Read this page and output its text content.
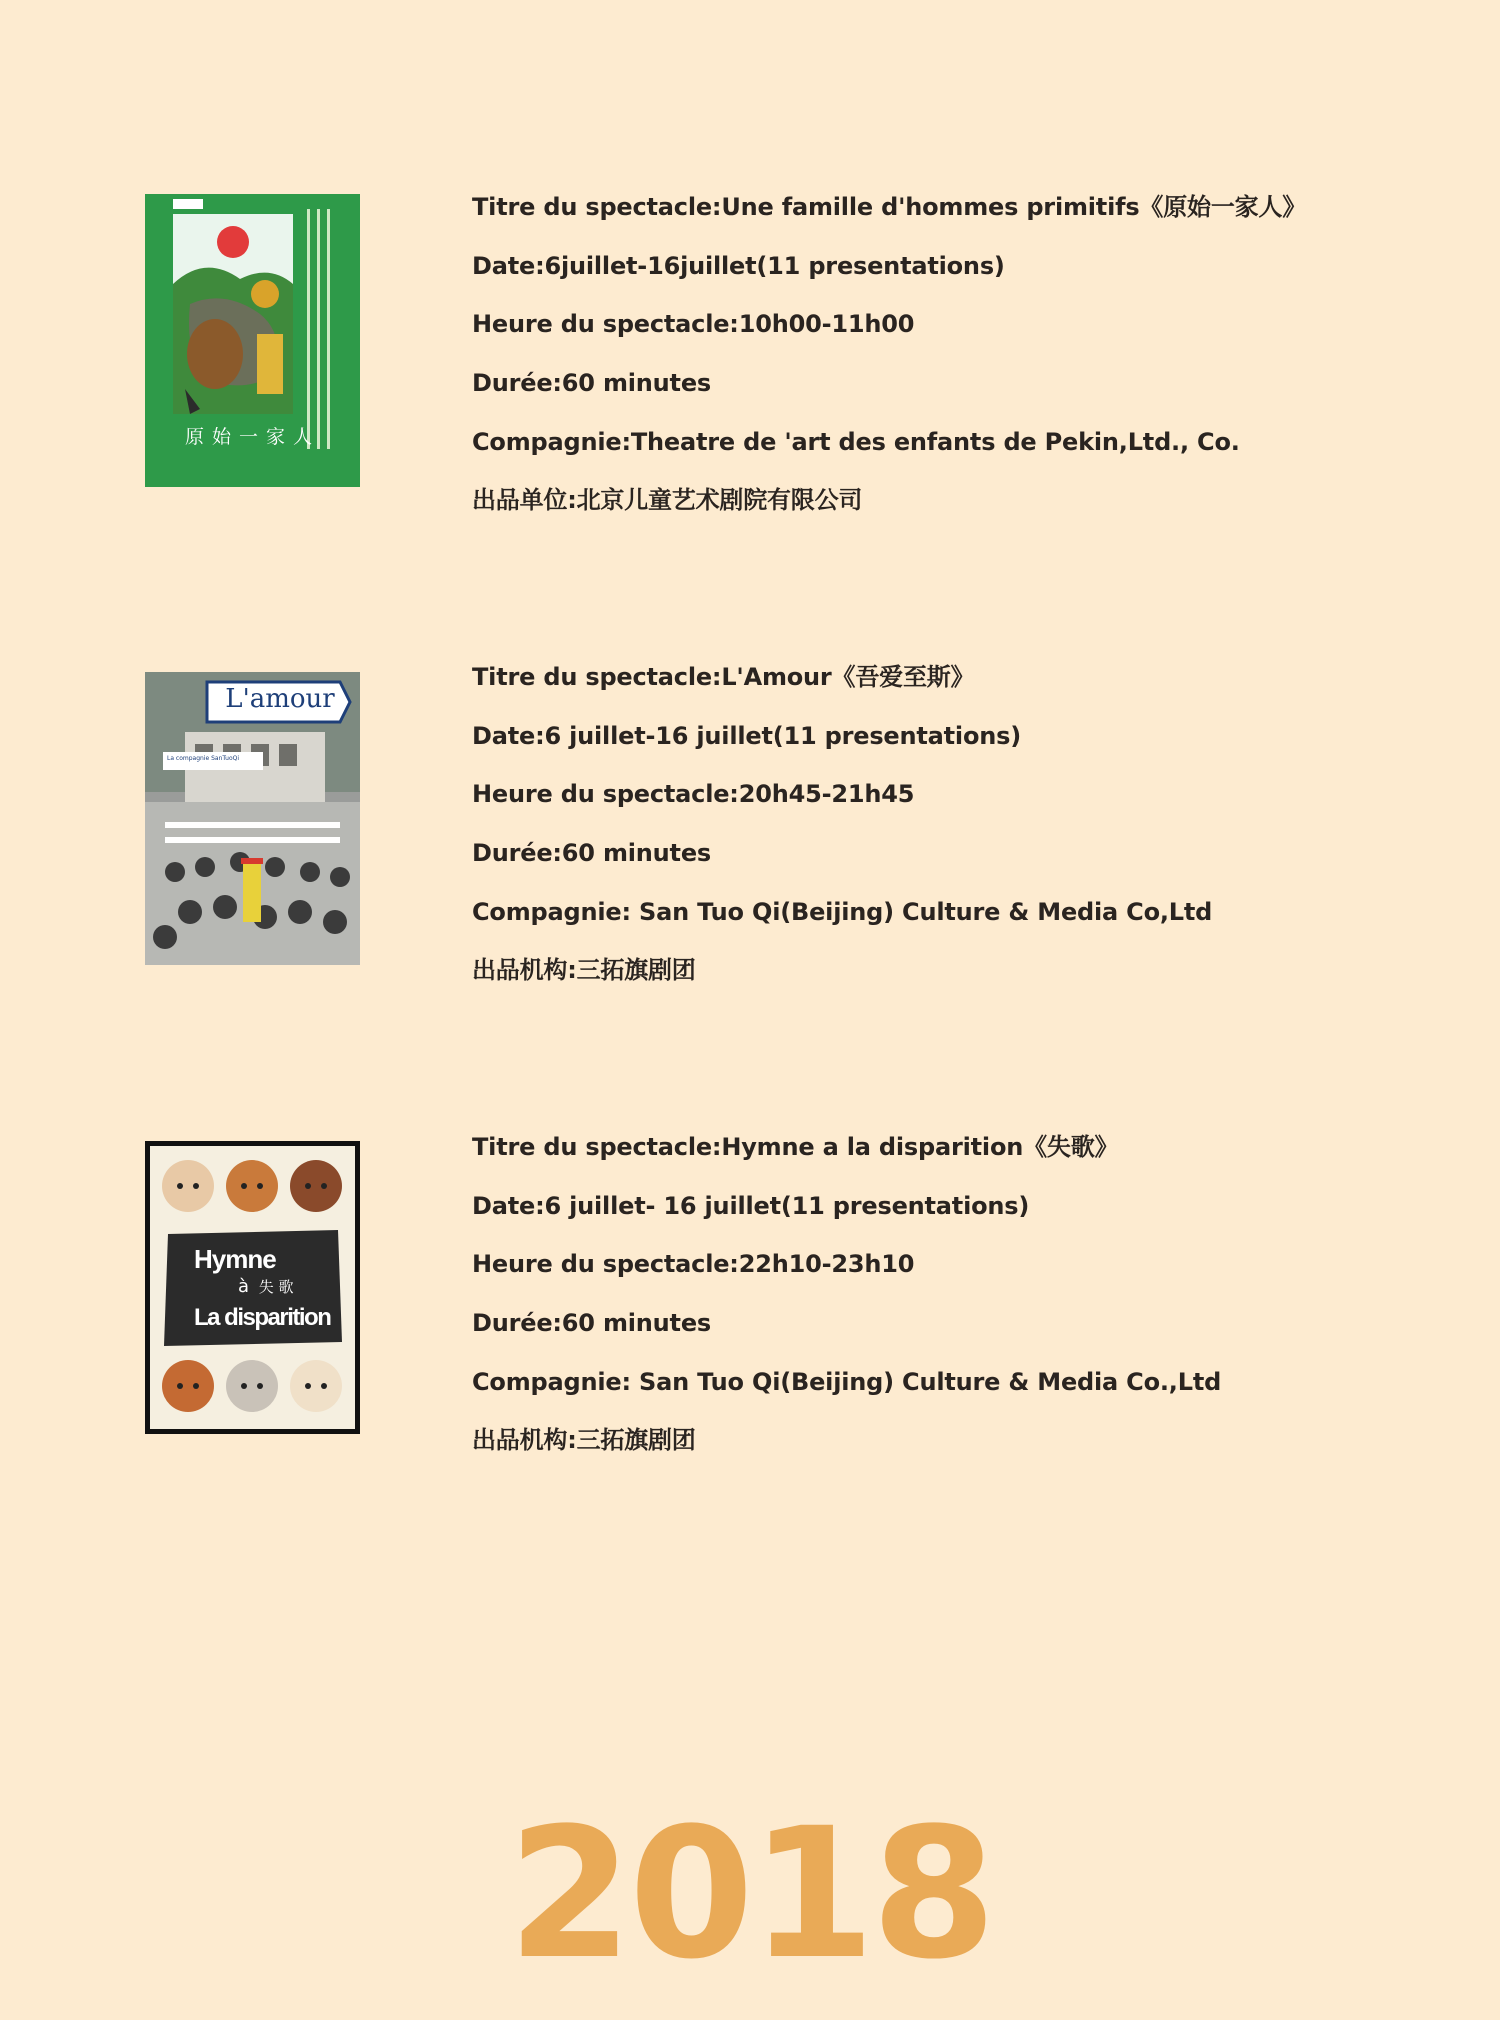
原始一家人
Titre du spectacle:Une famille d'hommes primitifs《原始一家人》
Date:6juillet-16juillet(11 presentations)
Heure du spectacle:10h00-11h00
Durée:60 minutes
Compagnie:Theatre de 'art des enfants de Pekin,Ltd., Co.
出品单位:北京儿童艺术剧院有限公司
L'amour
La compagnie SanTuoQi
Titre du spectacle:L'Amour《吾爱至斯》
Date:6 juillet-16 juillet(11 presentations)
Heure du spectacle:20h45-21h45
Durée:60 minutes
Compagnie: San Tuo Qi(Beijing) Culture & Media Co,Ltd
出品机构:三拓旗剧团
Hymne
à 失 歌
La disparition
Titre du spectacle:Hymne a la disparition《失歌》
Date:6 juillet- 16 juillet(11 presentations)
Heure du spectacle:22h10-23h10
Durée:60 minutes
Compagnie: San Tuo Qi(Beijing) Culture & Media Co.,Ltd
出品机构:三拓旗剧团
2018
